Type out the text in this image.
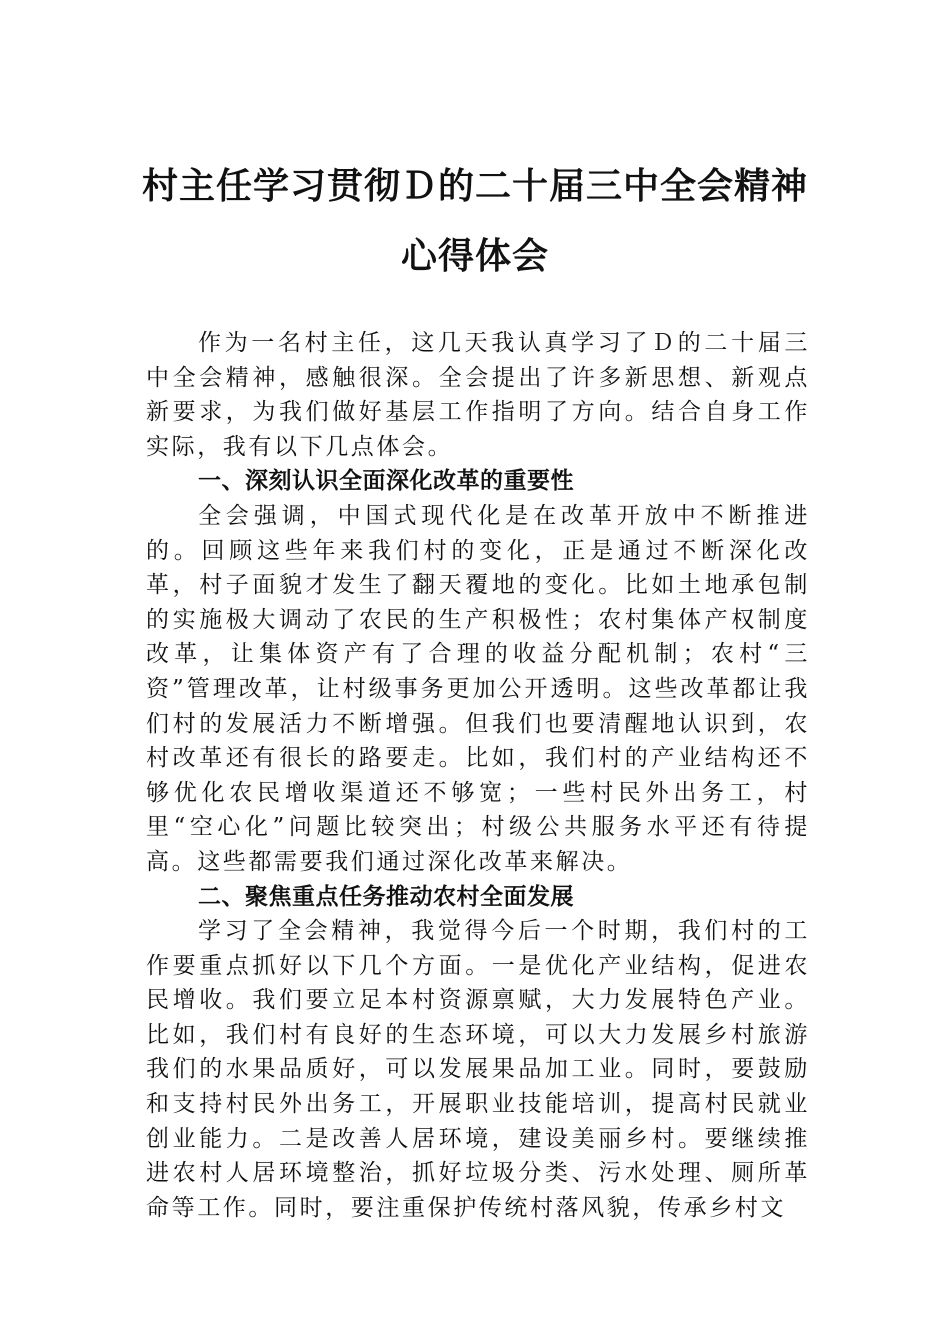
村主任学习贯彻Ｄ的二十届三中全会精神
心得体会

作为一名村主任，这几天我认真学习了Ｄ的二十届三中全会精神，感触很深。全会提出了许多新思想、新观点新要求，为我们做好基层工作指明了方向。结合自身工作实际，我有以下几点体会。

一、深刻认识全面深化改革的重要性

全会强调，中国式现代化是在改革开放中不断推进的。回顾这些年来我们村的变化，正是通过不断深化改革，村子面貌才发生了翻天覆地的变化。比如土地承包制的实施极大调动了农民的生产积极性；农村集体产权制度改革，让集体资产有了合理的收益分配机制；农村“三资”管理改革，让村级事务更加公开透明。这些改革都让我们村的发展活力不断增强。但我们也要清醒地认识到，农村改革还有很长的路要走。比如，我们村的产业结构还不够优化农民增收渠道还不够宽；一些村民外出务工，村里“空心化”问题比较突出；村级公共服务水平还有待提高。这些都需要我们通过深化改革来解决。

二、聚焦重点任务推动农村全面发展

学习了全会精神，我觉得今后一个时期，我们村的工作要重点抓好以下几个方面。一是优化产业结构，促进农民增收。我们要立足本村资源禀赋，大力发展特色产业。比如，我们村有良好的生态环境，可以大力发展乡村旅游我们的水果品质好，可以发展果品加工业。同时，要鼓励和支持村民外出务工，开展职业技能培训，提高村民就业创业能力。二是改善人居环境，建设美丽乡村。要继续推进农村人居环境整治，抓好垃圾分类、污水处理、厕所革命等工作。同时，要注重保护传统村落风貌，传承乡村文
